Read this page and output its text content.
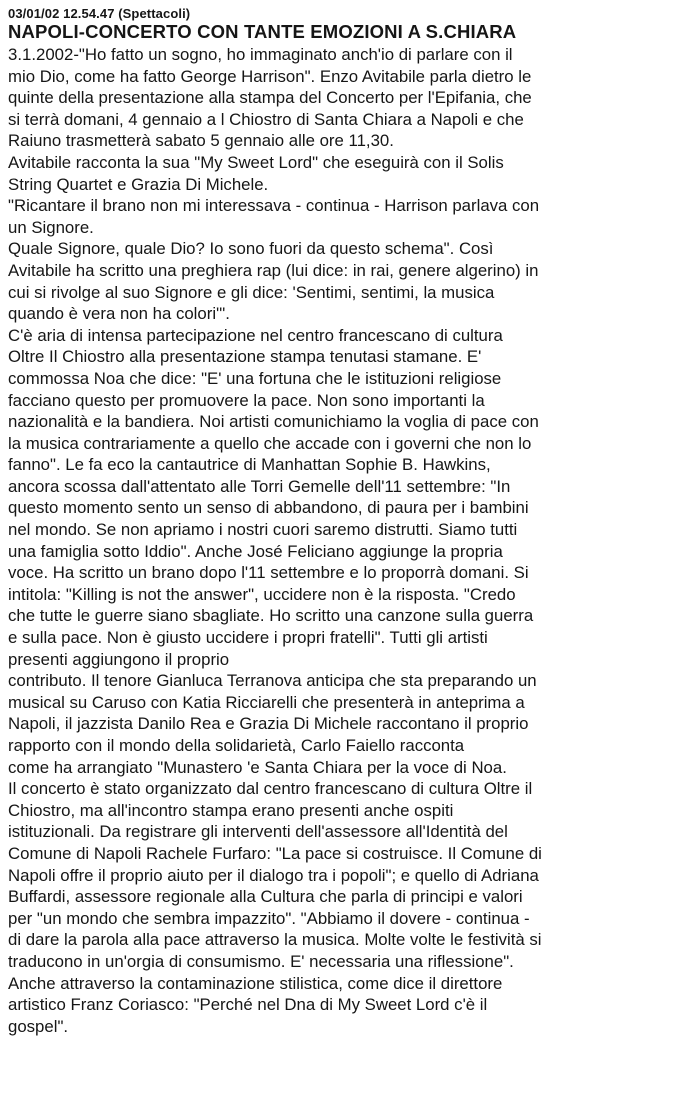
03/01/02 12.54.47 (Spettacoli)
NAPOLI-CONCERTO CON TANTE EMOZIONI A S.CHIARA
3.1.2002-"Ho fatto un sogno, ho immaginato anch'io di parlare con il
mio Dio, come ha fatto George Harrison". Enzo Avitabile parla dietro le
quinte della presentazione alla stampa del Concerto per l'Epifania, che
si terrà domani, 4 gennaio a l Chiostro di Santa Chiara a Napoli e che
Raiuno trasmetterà sabato 5 gennaio alle ore 11,30.
Avitabile racconta la sua "My Sweet Lord" che eseguirà con il Solis
String Quartet e Grazia Di Michele.
"Ricantare il brano non mi interessava - continua - Harrison parlava con
un Signore.
Quale Signore, quale Dio? Io sono fuori da questo schema". Così
Avitabile ha scritto una preghiera rap (lui dice: in rai, genere algerino) in
cui si rivolge al suo Signore e gli dice: 'Sentimi, sentimi, la musica
quando è vera non ha colori'".
C'è aria di intensa partecipazione nel centro francescano di cultura
Oltre Il Chiostro alla presentazione stampa tenutasi stamane. E'
commossa Noa che dice: "E' una fortuna che le istituzioni religiose
facciano questo per promuovere la pace. Non sono importanti la
nazionalità e la bandiera. Noi artisti comunichiamo la voglia di pace con
la musica contrariamente a quello che accade con i governi che non lo
fanno". Le fa eco la cantautrice di Manhattan Sophie B. Hawkins,
ancora scossa dall'attentato alle Torri Gemelle dell'11 settembre: "In
questo momento sento un senso di abbandono, di paura per i bambini
nel mondo. Se non apriamo i nostri cuori saremo distrutti. Siamo tutti
una famiglia sotto Iddio". Anche José Feliciano aggiunge la propria
voce. Ha scritto un brano dopo l'11 settembre e lo proporrà domani. Si
intitola: "Killing is not the answer", uccidere non è la risposta. "Credo
che tutte le guerre siano sbagliate. Ho scritto una canzone sulla guerra
e sulla pace. Non è giusto uccidere i propri fratelli". Tutti gli artisti
presenti aggiungono il proprio
contributo. Il tenore Gianluca Terranova anticipa che sta preparando un
musical su Caruso con Katia Ricciarelli che presenterà in anteprima a
Napoli, il jazzista Danilo Rea e Grazia Di Michele raccontano il proprio
rapporto con il mondo della solidarietà, Carlo Faiello racconta
come ha arrangiato "Munastero 'e Santa Chiara per la voce di Noa.
Il concerto è stato organizzato dal centro francescano di cultura Oltre il
Chiostro, ma all'incontro stampa erano presenti anche ospiti
istituzionali. Da registrare gli interventi dell'assessore all'Identità del
Comune di Napoli Rachele Furfaro: "La pace si costruisce. Il Comune di
Napoli offre il proprio aiuto per il dialogo tra i popoli"; e quello di Adriana
Buffardi, assessore regionale alla Cultura che parla di principi e valori
per "un mondo che sembra impazzito". "Abbiamo il dovere - continua -
di dare la parola alla pace attraverso la musica. Molte volte le festività si
traducono in un'orgia di consumismo. E' necessaria una riflessione".
Anche attraverso la contaminazione stilistica, come dice il direttore
artistico Franz Coriasco: "Perché nel Dna di My Sweet Lord c'è il
gospel".
